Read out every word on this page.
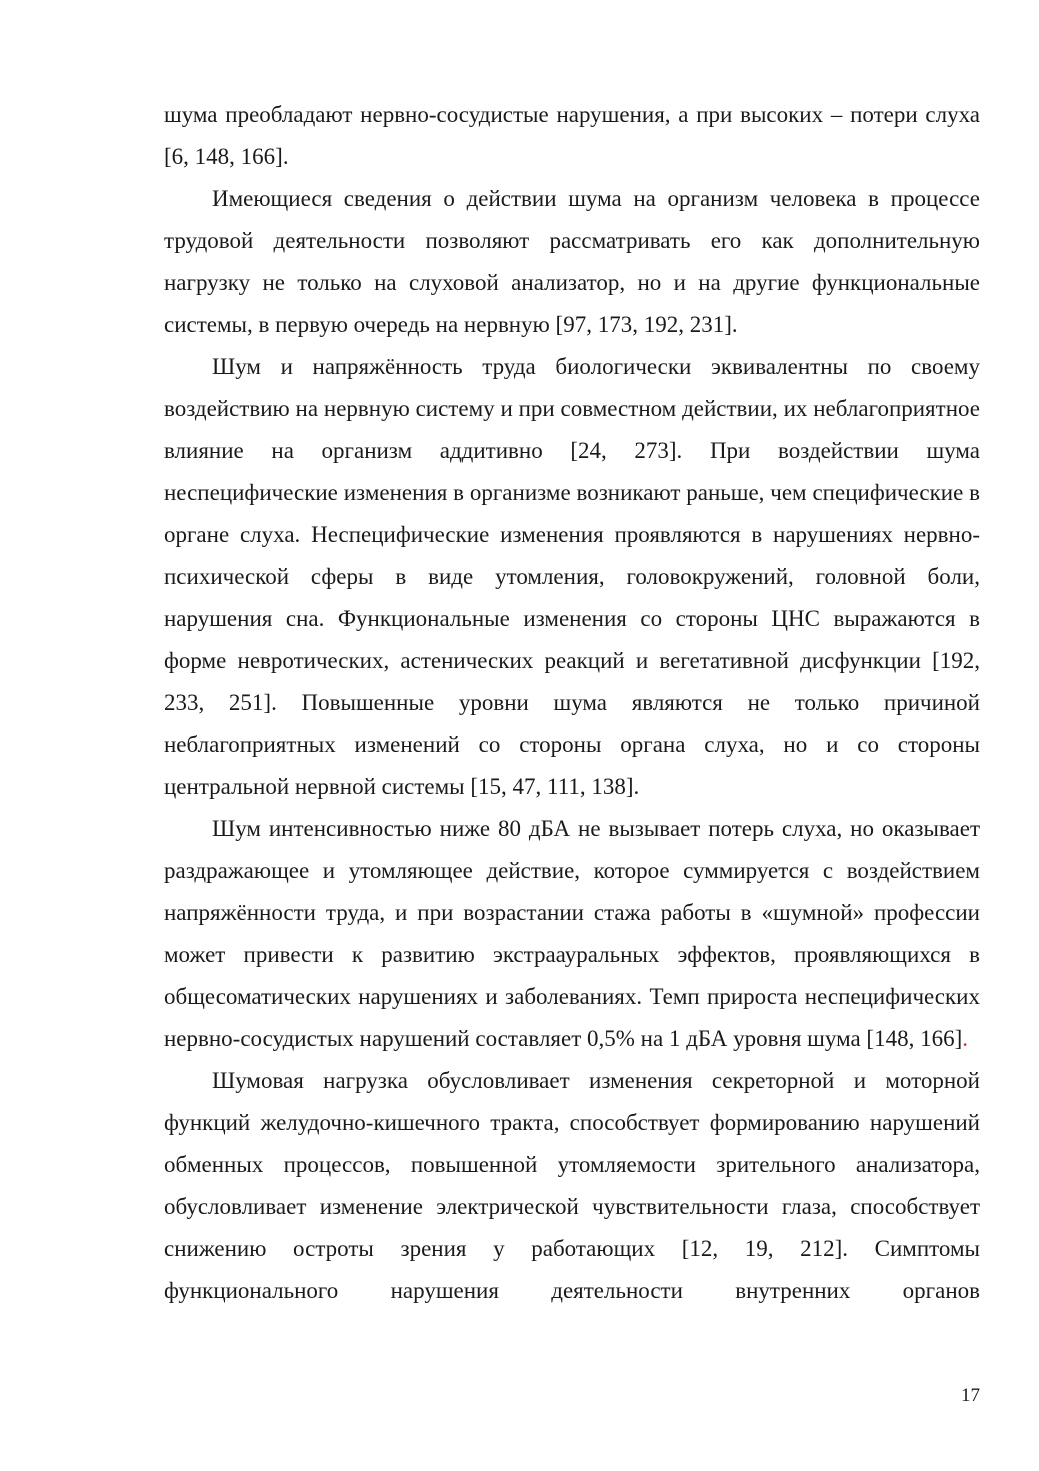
шума преобладают нервно-сосудистые нарушения, а при высоких – потери слуха [6, 148, 166].

Имеющиеся сведения о действии шума на организм человека в процессе трудовой деятельности позволяют рассматривать его как дополнительную нагрузку не только на слуховой анализатор, но и на другие функциональные системы, в первую очередь на нервную [97, 173, 192, 231].

Шум и напряжённость труда биологически эквивалентны по своему воздействию на нервную систему и при совместном действии, их неблагоприятное влияние на организм аддитивно [24, 273]. При воздействии шума неспецифические изменения в организме возникают раньше, чем специфические в органе слуха. Неспецифические изменения проявляются в нарушениях нервно-психической сферы в виде утомления, головокружений, головной боли, нарушения сна. Функциональные изменения со стороны ЦНС выражаются в форме невротических, астенических реакций и вегетативной дисфункции [192, 233, 251]. Повышенные уровни шума являются не только причиной неблагоприятных изменений со стороны органа слуха, но и со стороны центральной нервной системы [15, 47, 111, 138].

Шум интенсивностью ниже 80 дБА не вызывает потерь слуха, но оказывает раздражающее и утомляющее действие, которое суммируется с воздействием напряжённости труда, и при возрастании стажа работы в «шумной» профессии может привести к развитию экстраауральных эффектов, проявляющихся в общесоматических нарушениях и заболеваниях. Темп прироста неспецифических нервно-сосудистых нарушений составляет 0,5% на 1 дБА уровня шума [148, 166].

Шумовая нагрузка обусловливает изменения секреторной и моторной функций желудочно-кишечного тракта, способствует формированию нарушений обменных процессов, повышенной утомляемости зрительного анализатора, обусловливает изменение электрической чувствительности глаза, способствует снижению остроты зрения у работающих [12, 19, 212]. Симптомы функционального нарушения деятельности внутренних органов

17
